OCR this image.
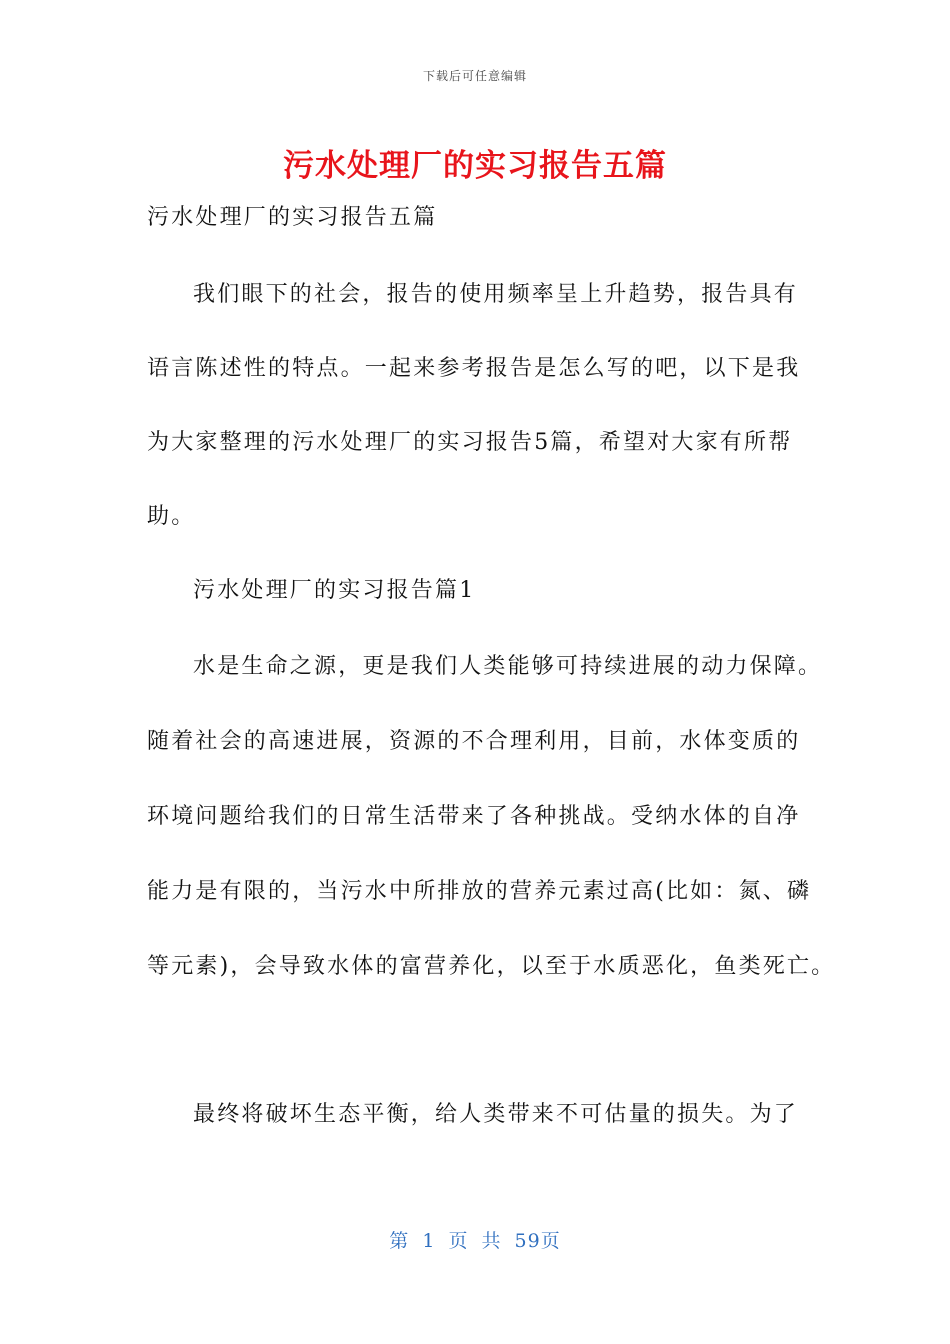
下载后可任意编辑
污水处理厂的实习报告五篇
污水处理厂的实习报告五篇
我们眼下的社会，报告的使用频率呈上升趋势，报告具有
语言陈述性的特点。一起来参考报告是怎么写的吧，以下是我
为大家整理的污水处理厂的实习报告5篇，希望对大家有所帮
助。
污水处理厂的实习报告篇1
水是生命之源，更是我们人类能够可持续进展的动力保障。
随着社会的高速进展，资源的不合理利用，目前，水体变质的
环境问题给我们的日常生活带来了各种挑战。受纳水体的自净
能力是有限的，当污水中所排放的营养元素过高(比如：氮、磷
等元素)，会导致水体的富营养化，以至于水质恶化，鱼类死亡。
最终将破坏生态平衡，给人类带来不可估量的损失。为了
第 1 页 共 59页
